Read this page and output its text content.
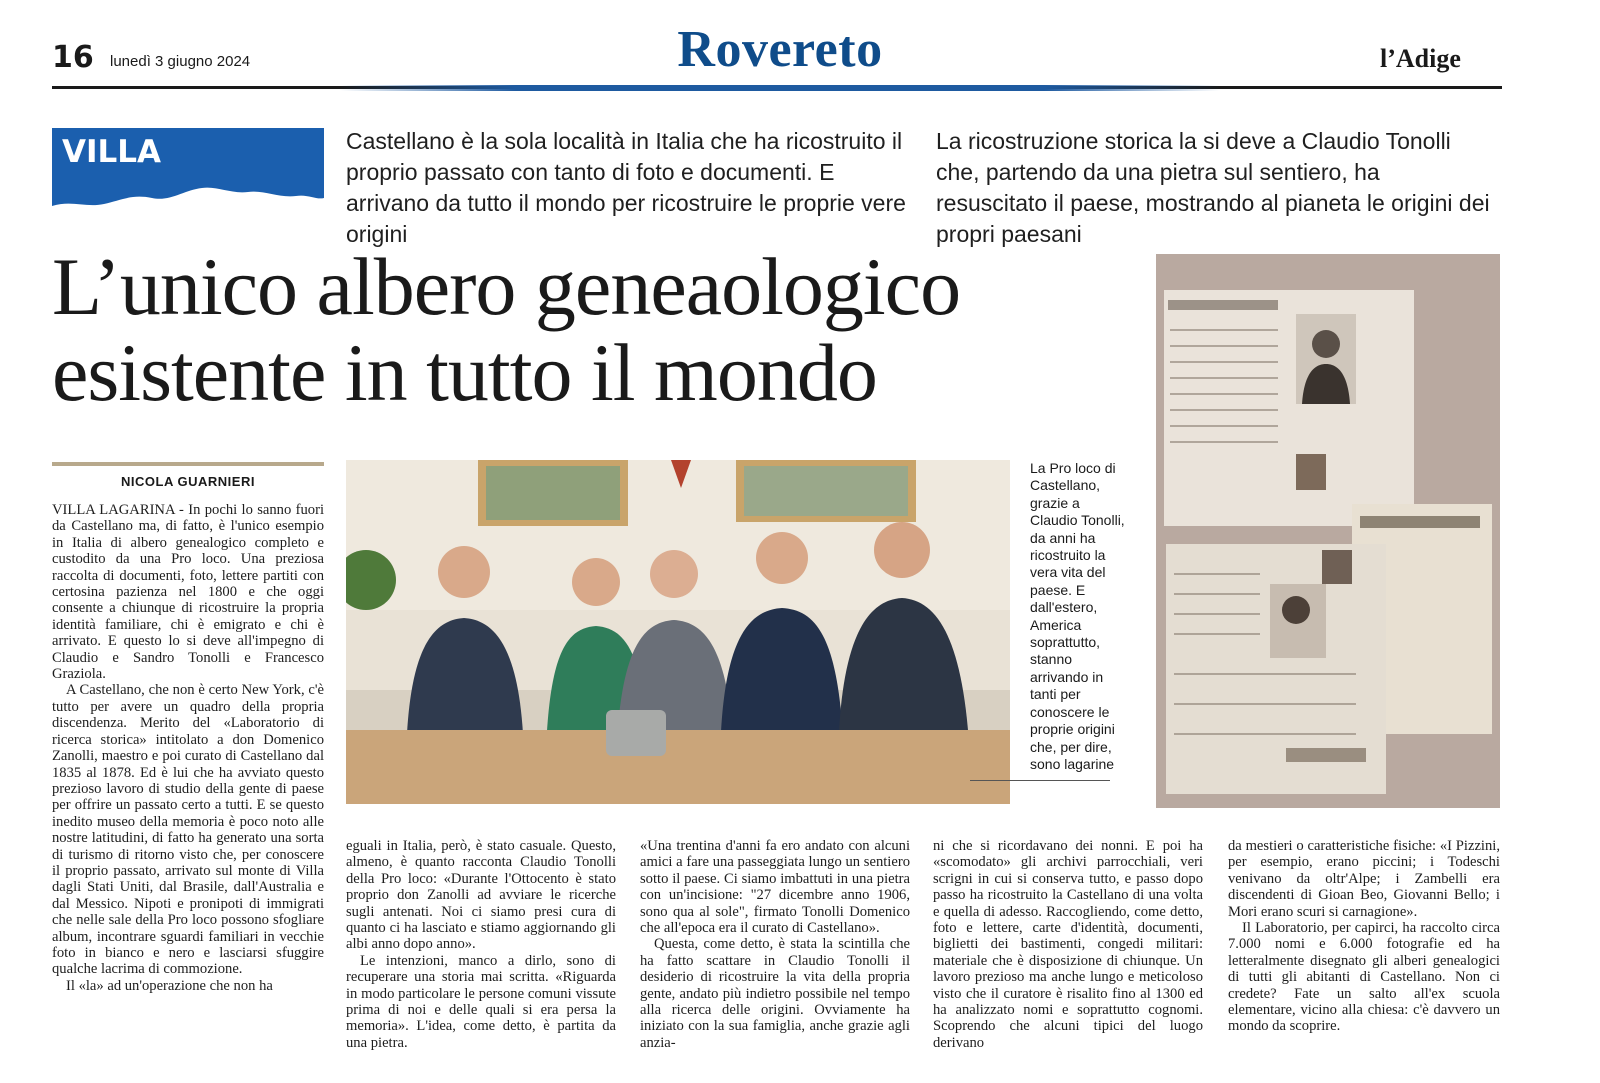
16 lunedì 3 giugno 2024	Rovereto	l’Adige
VILLA	Castellano è la sola località in Italia che ha ricostruito il proprio passato con tanto di foto e documenti. E arrivano da tutto il mondo per ricostruire le proprie vere origini
La ricostruzione storica la si deve a Claudio Tonolli che, partendo da una pietra sul sentiero, ha resuscitato il paese, mostrando al pianeta le origini dei propri paesani
L’unico albero geneaologico
esistente in tutto il mondo
NICOLA GUARNIERI

VILLA LAGARINA - In pochi lo sanno fuori da Castellano ma, di fatto, è l'unico esempio in Italia di albero genealogico completo e custodito da una Pro loco. Una preziosa raccolta di documenti, foto, lettere partiti con certosina pazienza nel 1800 e che oggi consente a chiunque di ricostruire la propria identità familiare, chi è emigrato e chi è arrivato. E questo lo si deve all'impegno di Claudio e Sandro Tonolli e Francesco Graziola.

A Castellano, che non è certo New York, c'è tutto per avere un quadro della propria discendenza. Merito del «Laboratorio di ricerca storica» intitolato a don Domenico Zanolli, maestro e poi curato di Castellano dal 1835 al 1878. Ed è lui che ha avviato questo prezioso lavoro di studio della gente di paese per offrire un passato certo a tutti. E se questo inedito museo della memoria è poco noto alle nostre latitudini, di fatto ha generato una sorta di turismo di ritorno visto che, per conoscere il proprio passato, arrivato sul monte di Villa dagli Stati Uniti, dal Brasile, dall'Australia e dal Messico. Nipoti e pronipoti di immigrati che nelle sale della Pro loco possono sfogliare album, incontrare sguardi familiari in vecchie foto in bianco e nero e lasciarsi sfuggire qualche lacrima di commozione.

Il «la» ad un'operazione che non ha

La Pro loco di Castellano, grazie a Claudio Tonolli, da anni ha ricostruito la vera vita del paese. E dall'estero, America soprattutto, stanno arrivando in tanti per conoscere le proprie origini che, per dire, sono lagarine

eguali in Italia, però, è stato casuale. Questo, almeno, è quanto racconta Claudio Tonolli della Pro loco: «Durante l'Ottocento è stato proprio don Zanolli ad avviare le ricerche sugli antenati. Noi ci siamo presi cura di quanto ci ha lasciato e stiamo aggiornando gli albi anno dopo anno».

Le intenzioni, manco a dirlo, sono di recuperare una storia mai scritta. «Riguarda in modo particolare le persone comuni vissute prima di noi e delle quali si era persa la memoria». L'idea, come detto, è partita da una pietra.

«Una trentina d'anni fa ero andato con alcuni amici a fare una passeggiata lungo un sentiero sotto il paese. Ci siamo imbattuti in una pietra con un'incisione: "27 dicembre anno 1906, sono qua al sole", firmato Tonolli Domenico che all'epoca era il curato di Castellano».

Questa, come detto, è stata la scintilla che ha fatto scattare in Claudio Tonolli il desiderio di ricostruire la vita della propria gente, andato più indietro possibile nel tempo alla ricerca delle origini. Ovviamente ha iniziato con la sua famiglia, anche grazie agli anzia-

ni che si ricordavano dei nonni. E poi ha «scomodato» gli archivi parrocchiali, veri scrigni in cui si conserva tutto, e passo dopo passo ha ricostruito la Castellano di una volta e quella di adesso. Raccogliendo, come detto, foto e lettere, carte d'identità, documenti, biglietti dei bastimenti, congedi militari: materiale che è disposizione di chiunque. Un lavoro prezioso ma anche lungo e meticoloso visto che il curatore è risalito fino al 1300 ed ha analizzato nomi e soprattutto cognomi. Scoprendo che alcuni tipici del luogo derivano

da mestieri o caratteristiche fisiche: «I Pizzini, per esempio, erano piccini; i Todeschi venivano da oltr'Alpe; i Zambelli era discendenti di Gioan Beo, Giovanni Bello; i Mori erano scuri si carnagione».

Il Laboratorio, per capirci, ha raccolto circa 7.000 nomi e 6.000 fotografie ed ha letteralmente disegnato gli alberi genealogici di tutti gli abitanti di Castellano. Non ci credete? Fate un salto all'ex scuola elementare, vicino alla chiesa: c'è davvero un mondo da scoprire.
